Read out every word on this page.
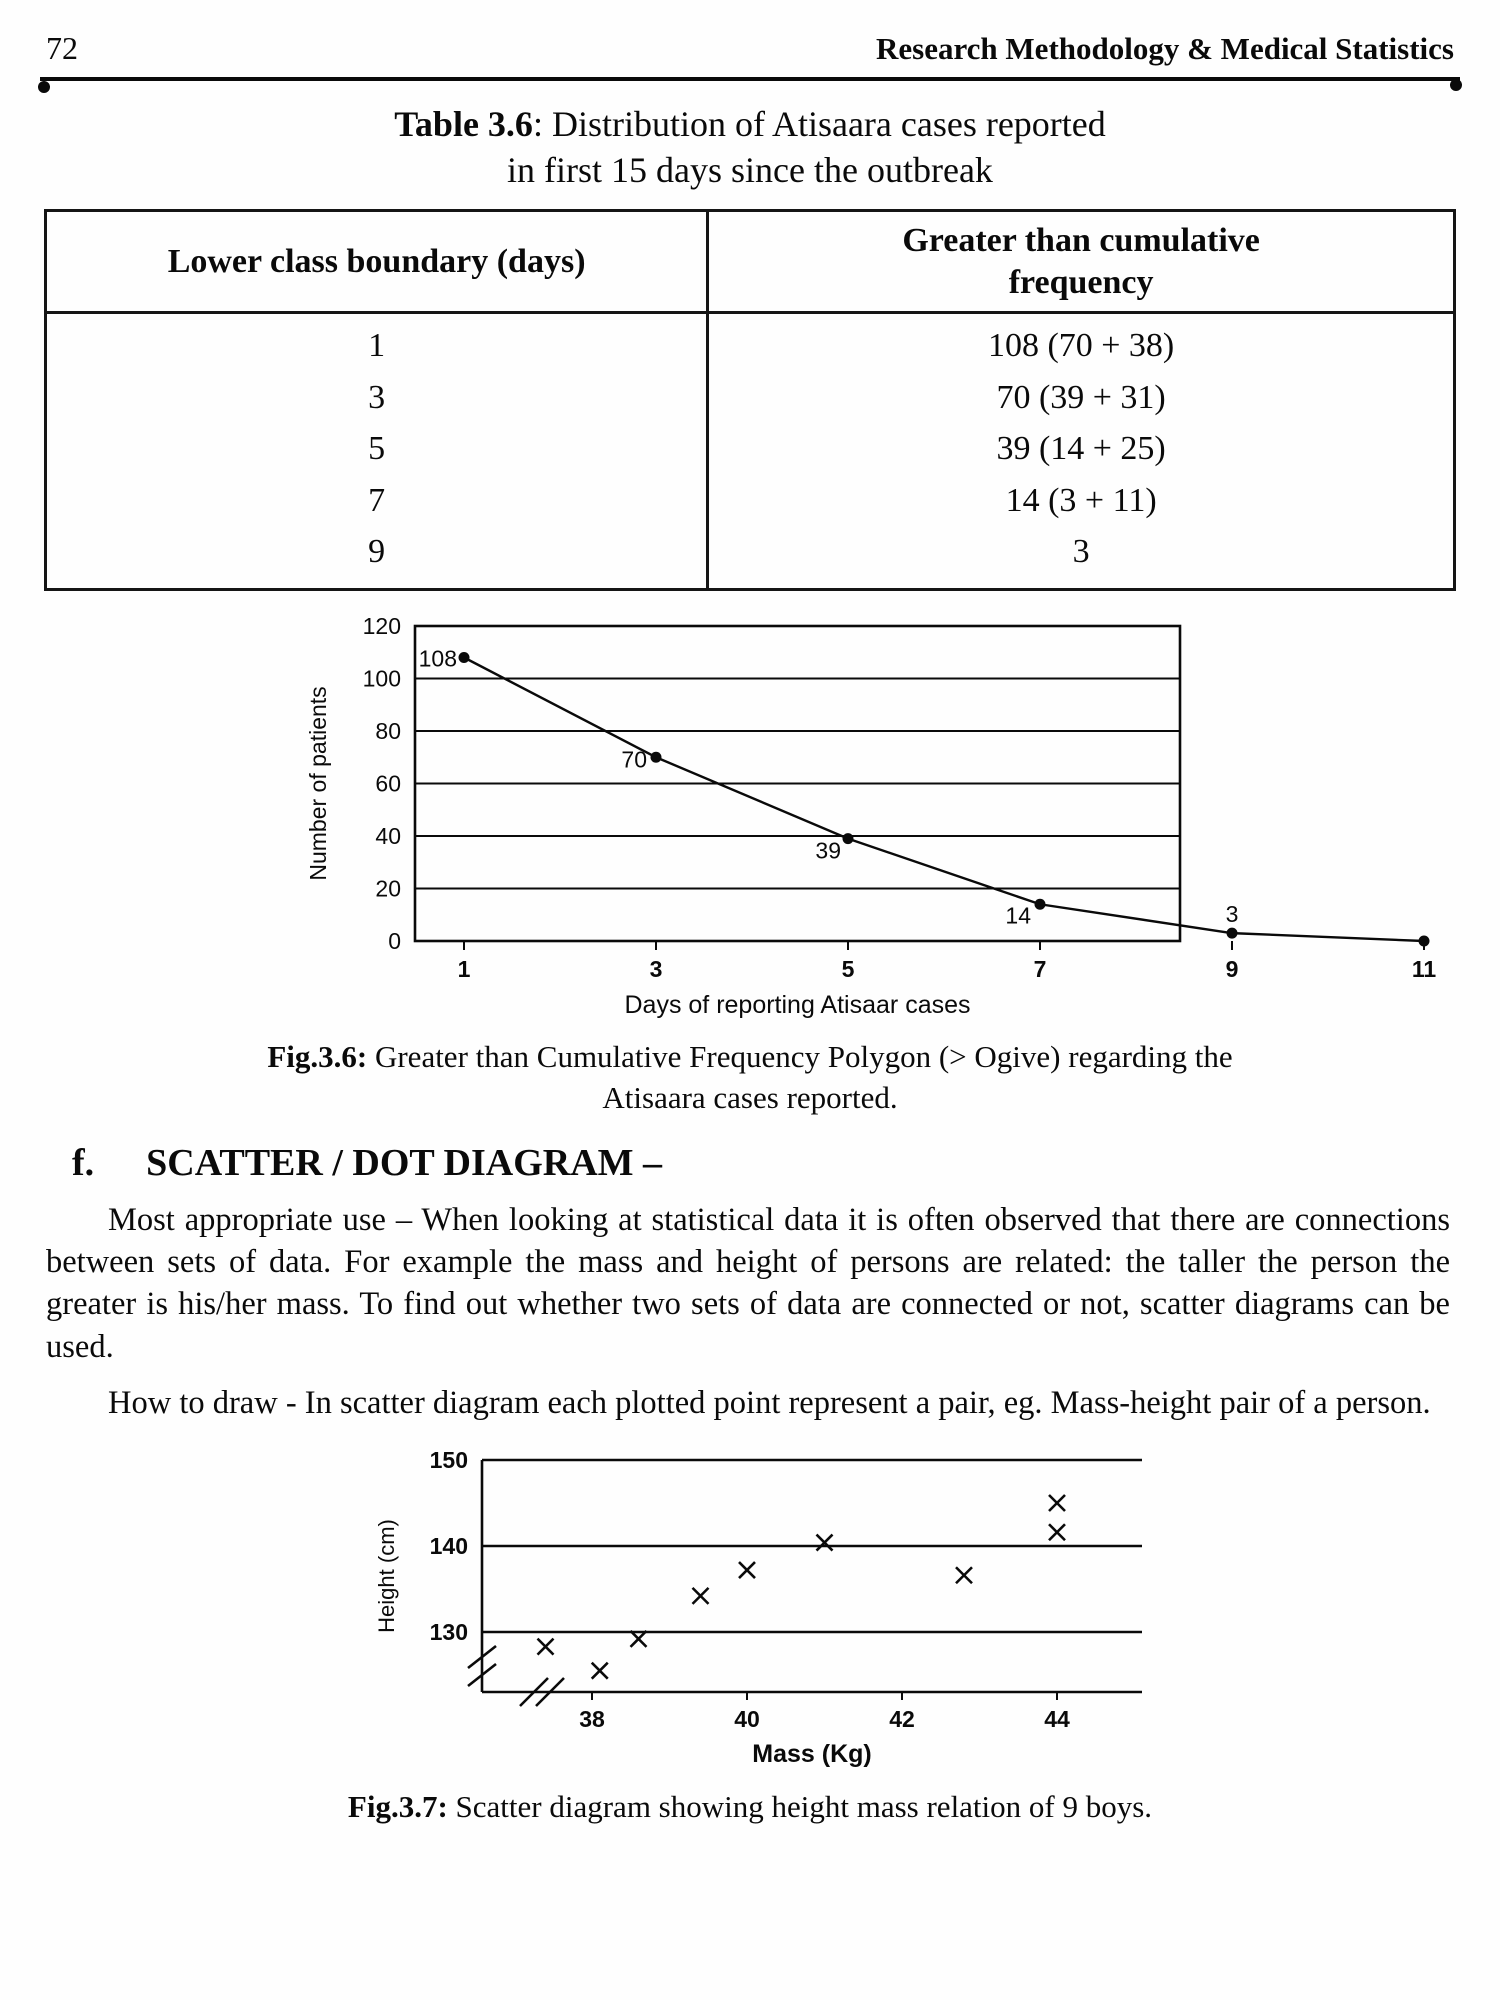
72	Research Methodology & Medical Statistics
Table 3.6: Distribution of Atisaara cases reported
in first 15 days since the outbreak
Lower class boundary (days)	Greater than cumulative frequency
1	108 (70 + 38)
3	70 (39 + 31)
5	39 (14 + 25)
7	14 (3 + 11)
9	3
0
20
40
60
80
100
120
1	3	5	7	9	11
108
70
39
14	3
Days of reporting Atisaar cases
Number of patients
Fig.3.6: Greater than Cumulative Frequency Polygon (> Ogive) regarding the
Atisaara cases reported.
f. SCATTER / DOT DIAGRAM –

Most appropriate use – When looking at statistical data it is often observed that there are connections between sets of data. For example the mass and height of persons are related: the taller the person the greater is his/her mass. To find out whether two sets of data are connected or not, scatter diagrams can be used.

How to draw - In scatter diagram each plotted point represent a pair, eg. Mass-height pair of a person.

150
140
130
38	40	42	44
Mass (Kg)
Height (cm)
Fig.3.7: Scatter diagram showing height mass relation of 9 boys.
